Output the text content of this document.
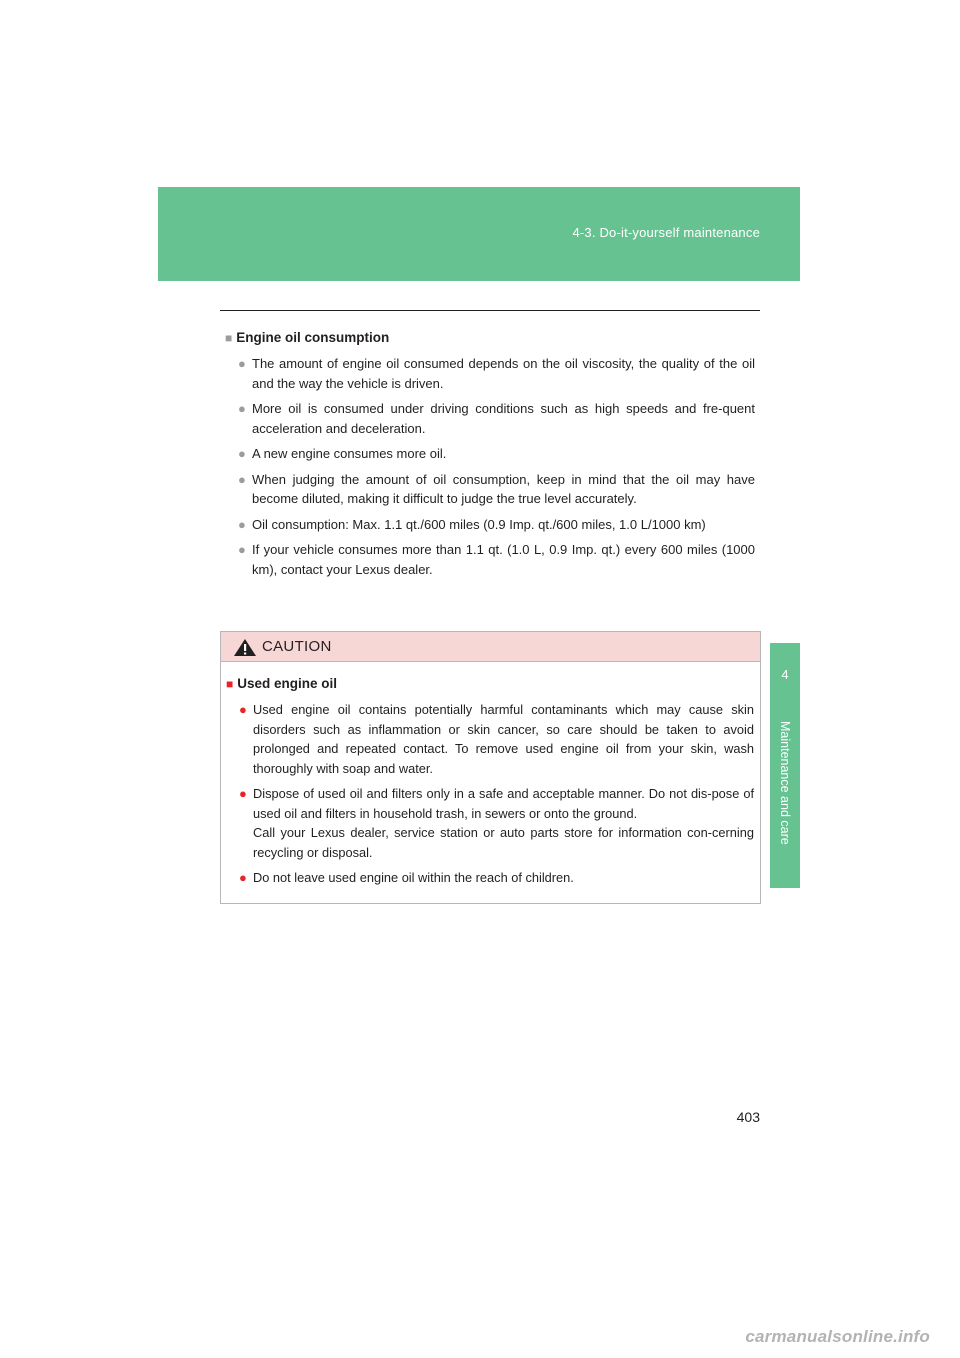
4-3. Do-it-yourself maintenance
4
Maintenance and care
■ Engine oil consumption
● The amount of engine oil consumed depends on the oil viscosity, the quality of the oil and the way the vehicle is driven.
● More oil is consumed under driving conditions such as high speeds and fre-quent acceleration and deceleration.
● A new engine consumes more oil.
● When judging the amount of oil consumption, keep in mind that the oil may have become diluted, making it difficult to judge the true level accurately.
● Oil consumption: Max. 1.1 qt./600 miles (0.9 Imp. qt./600 miles, 1.0 L/1000 km)
● If your vehicle consumes more than 1.1 qt. (1.0 L, 0.9 Imp. qt.) every 600 miles (1000 km), contact your Lexus dealer.
CAUTION
■ Used engine oil
● Used engine oil contains potentially harmful contaminants which may cause skin disorders such as inflammation or skin cancer, so care should be taken to avoid prolonged and repeated contact. To remove used engine oil from your skin, wash thoroughly with soap and water.
● Dispose of used oil and filters only in a safe and acceptable manner. Do not dis-pose of used oil and filters in household trash, in sewers or onto the ground.
Call your Lexus dealer, service station or auto parts store for information con-cerning recycling or disposal.
● Do not leave used engine oil within the reach of children.
403
carmanualsonline.info
